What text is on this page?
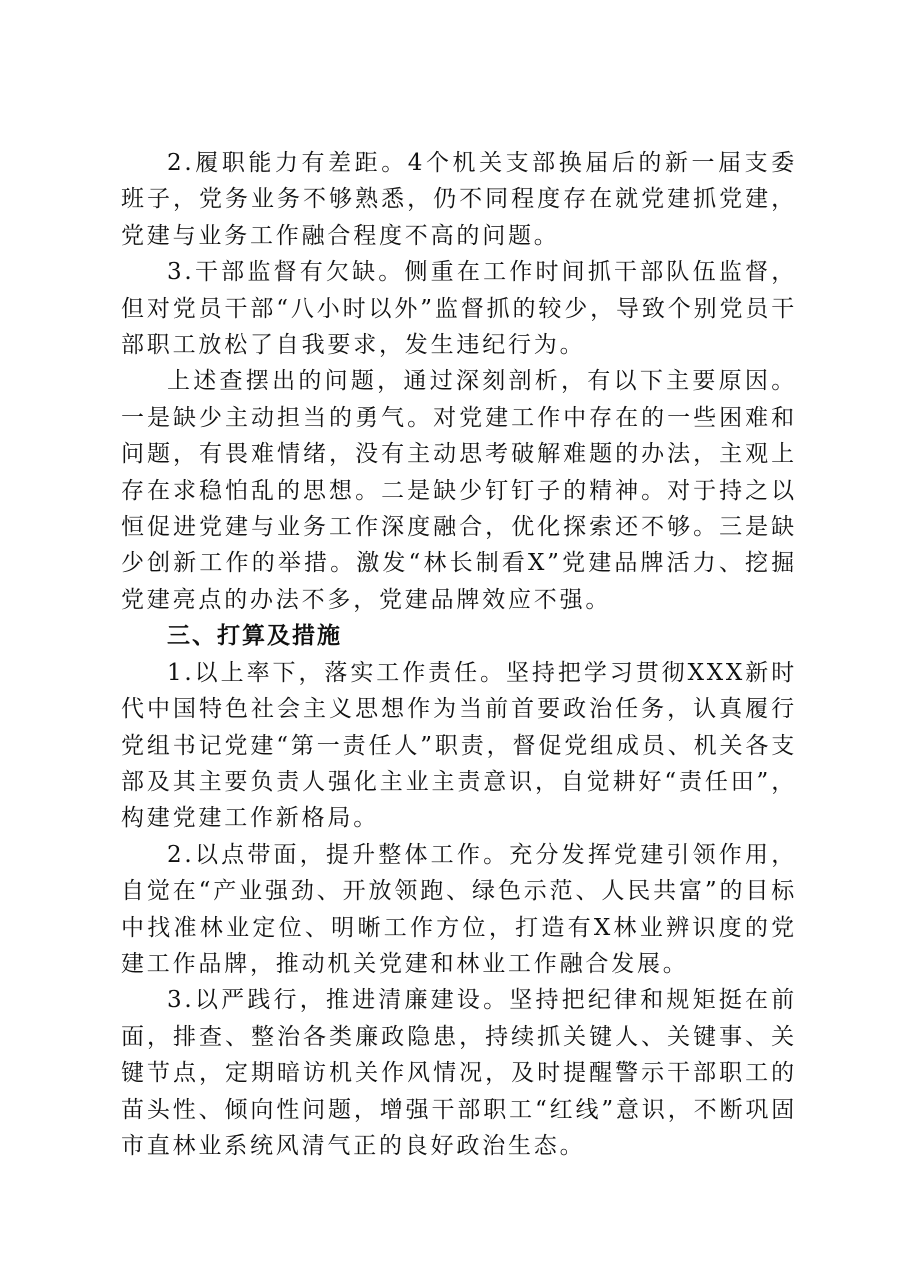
2.履职能力有差距。4个机关支部换届后的新一届支委班子，党务业务不够熟悉，仍不同程度存在就党建抓党建，党建与业务工作融合程度不高的问题。

3.干部监督有欠缺。侧重在工作时间抓干部队伍监督，但对党员干部“八小时以外”监督抓的较少，导致个别党员干部职工放松了自我要求，发生违纪行为。

上述查摆出的问题，通过深刻剖析，有以下主要原因。一是缺少主动担当的勇气。对党建工作中存在的一些困难和问题，有畏难情绪，没有主动思考破解难题的办法，主观上存在求稳怕乱的思想。二是缺少钉钉子的精神。对于持之以恒促进党建与业务工作深度融合，优化探索还不够。三是缺少创新工作的举措。激发“林长制看X”党建品牌活力、挖掘党建亮点的办法不多，党建品牌效应不强。

三、打算及措施

1.以上率下，落实工作责任。坚持把学习贯彻XXX新时代中国特色社会主义思想作为当前首要政治任务，认真履行党组书记党建“第一责任人”职责，督促党组成员、机关各支部及其主要负责人强化主业主责意识，自觉耕好“责任田”，构建党建工作新格局。

2.以点带面，提升整体工作。充分发挥党建引领作用，自觉在“产业强劲、开放领跑、绿色示范、人民共富”的目标中找准林业定位、明晰工作方位，打造有X林业辨识度的党建工作品牌，推动机关党建和林业工作融合发展。

3.以严践行，推进清廉建设。坚持把纪律和规矩挺在前面，排查、整治各类廉政隐患，持续抓关键人、关键事、关键节点，定期暗访机关作风情况，及时提醒警示干部职工的苗头性、倾向性问题，增强干部职工“红线”意识，不断巩固市直林业系统风清气正的良好政治生态。
